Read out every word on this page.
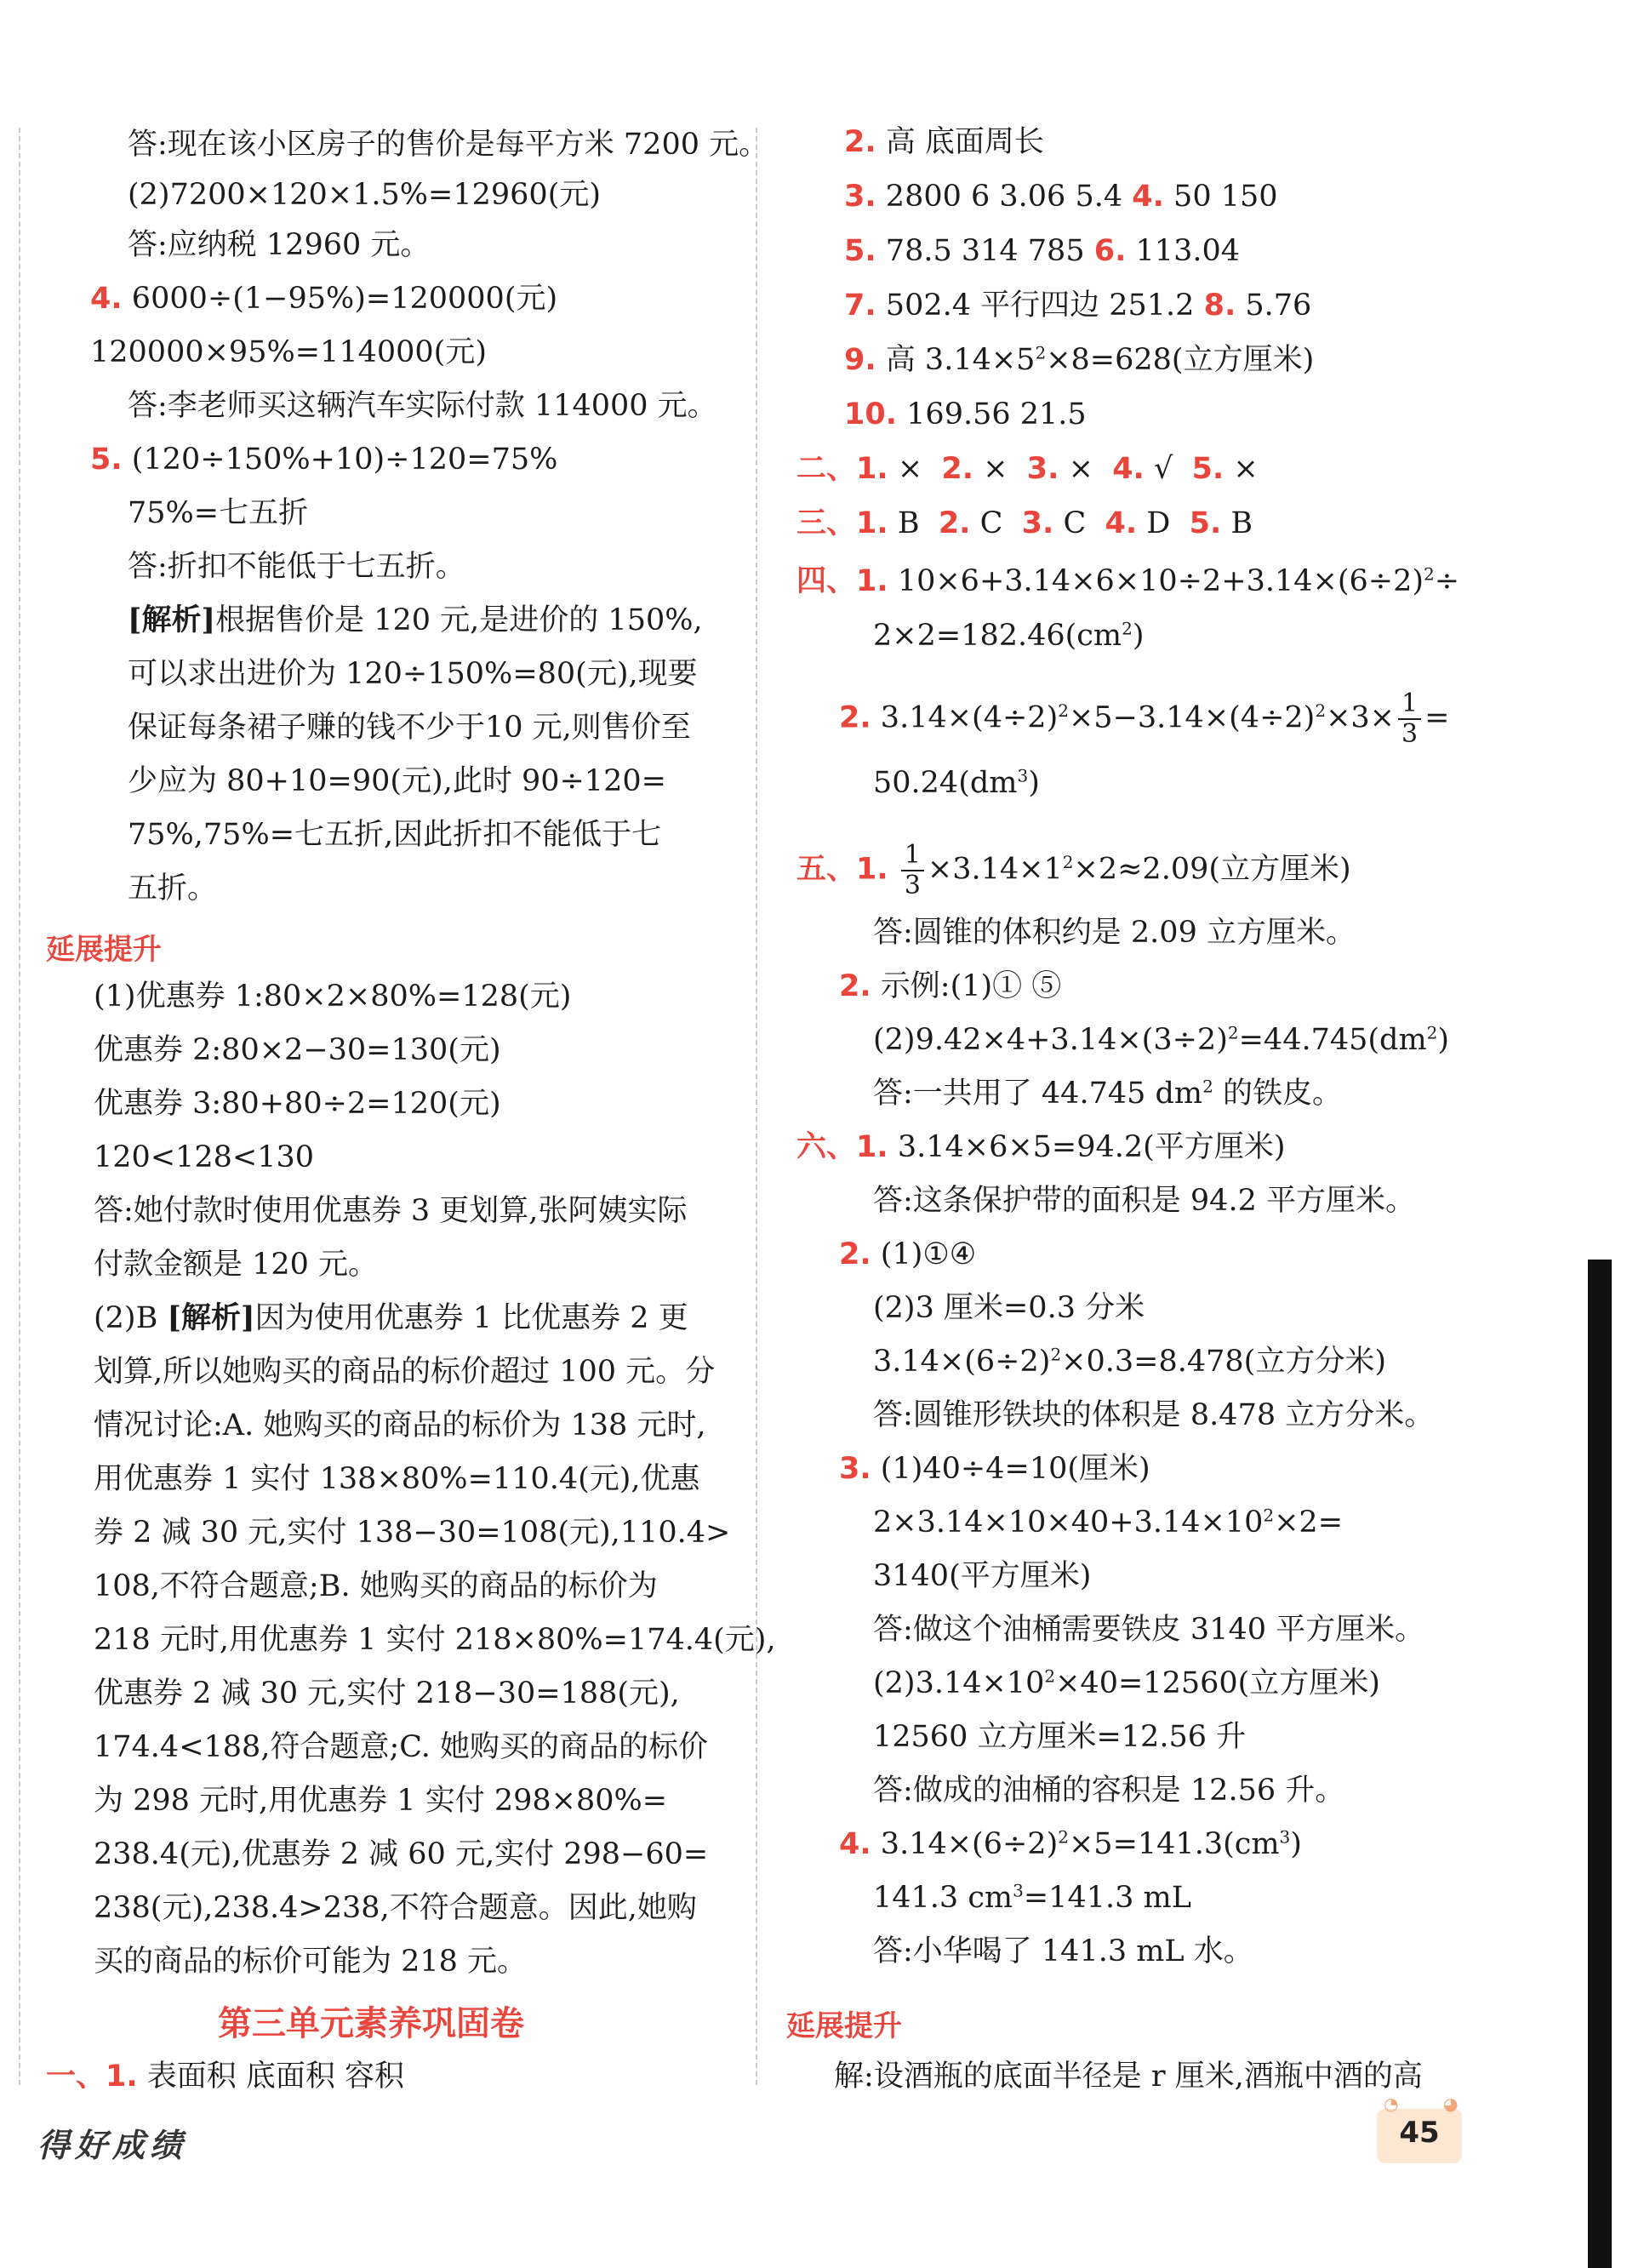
答:现在该小区房子的售价是每平方米 7200 元。
(2)7200×120×1.5%=12960(元)
答:应纳税 12960 元。
4. 6000÷(1−95%)=120000(元)
120000×95%=114000(元)
答:李老师买这辆汽车实际付款 114000 元。
5. (120÷150%+10)÷120=75%
75%=七五折
答:折扣不能低于七五折。
[解析]根据售价是 120 元,是进价的 150%,
可以求出进价为 120÷150%=80(元),现要
保证每条裙子赚的钱不少于10 元,则售价至
少应为 80+10=90(元),此时 90÷120=
75%,75%=七五折,因此折扣不能低于七
五折。
延展提升
(1)优惠券 1:80×2×80%=128(元)
优惠券 2:80×2−30=130(元)
优惠券 3:80+80÷2=120(元)
120<128<130
答:她付款时使用优惠券 3 更划算,张阿姨实际
付款金额是 120 元。
(2)B [解析]因为使用优惠券 1 比优惠券 2 更
划算,所以她购买的商品的标价超过 100 元。分
情况讨论:A. 她购买的商品的标价为 138 元时,
用优惠券 1 实付 138×80%=110.4(元),优惠
券 2 减 30 元,实付 138−30=108(元),110.4>
108,不符合题意;B. 她购买的商品的标价为
218 元时,用优惠券 1 实付 218×80%=174.4(元),
优惠券 2 减 30 元,实付 218−30=188(元),
174.4<188,符合题意;C. 她购买的商品的标价
为 298 元时,用优惠券 1 实付 298×80%=
238.4(元),优惠券 2 减 60 元,实付 298−60=
238(元),238.4>238,不符合题意。因此,她购
买的商品的标价可能为 218 元。
第三单元素养巩固卷
一、1. 表面积 底面积 容积
2. 高 底面周长
3. 2800 6 3.06 5.4 4. 50 150
5. 78.5 314 785 6. 113.04
7. 502.4 平行四边 251.2 8. 5.76
9. 高 $3.14\times 5^2\times 8=628$(立方厘米)
10. 169.56 21.5
二、1. × 2. × 3. × 4. √ 5. ×
三、1. B 2. C 3. C 4. D 5. B
四、1. $10\times 6+3.14\times 6\times 10\div 2+3.14\times(6\div 2)^2\div$
$2\times 2=182.46(cm^2)$
2. $3.14\times(4\div 2)^2\times 5-3.14\times(4\div 2)^2\times 3\times \frac{1}{3}$ =
$50.24(dm^3)$
五、1. $\frac{1}{3} \times 3.14\times 1^2\times 2\approx 2.09$(立方厘米)
答:圆锥的体积约是 2.09 立方厘米。
2. 示例:(1)① ⑤
$(2)9.42\times 4+3.14\times(3\div 2)^2=44.745(dm^2)$
答:一共用了 44.745 $dm^2$ 的铁皮。
六、1. 3.14×6×5=94.2(平方厘米)
答:这条保护带的面积是 94.2 平方厘米。
2. (1)①④
(2)3 厘米=0.3 分米
$3.14\times(6\div 2)^2\times 0.3=8.478$(立方分米)
答:圆锥形铁块的体积是 8.478 立方分米。
3. (1)40÷4=10(厘米)
$2\times 3.14\times 10\times 40+3.14\times 10^2\times 2=$
3140(平方厘米)
答:做这个油桶需要铁皮 3140 平方厘米。
$(2)3.14\times 10^2\times 40=12560$(立方厘米)
12560 立方厘米=12.56 升
答:做成的油桶的容积是 12.56 升。
4. $3.14\times(6\div 2)^2\times 5=141.3(cm^3)$
141.3 $cm^3=141.3$ mL
答:小华喝了 141.3 mL 水。
延展提升
解:设酒瓶的底面半径是 r 厘米,酒瓶中酒的高
得好成绩	45
◔	◕
